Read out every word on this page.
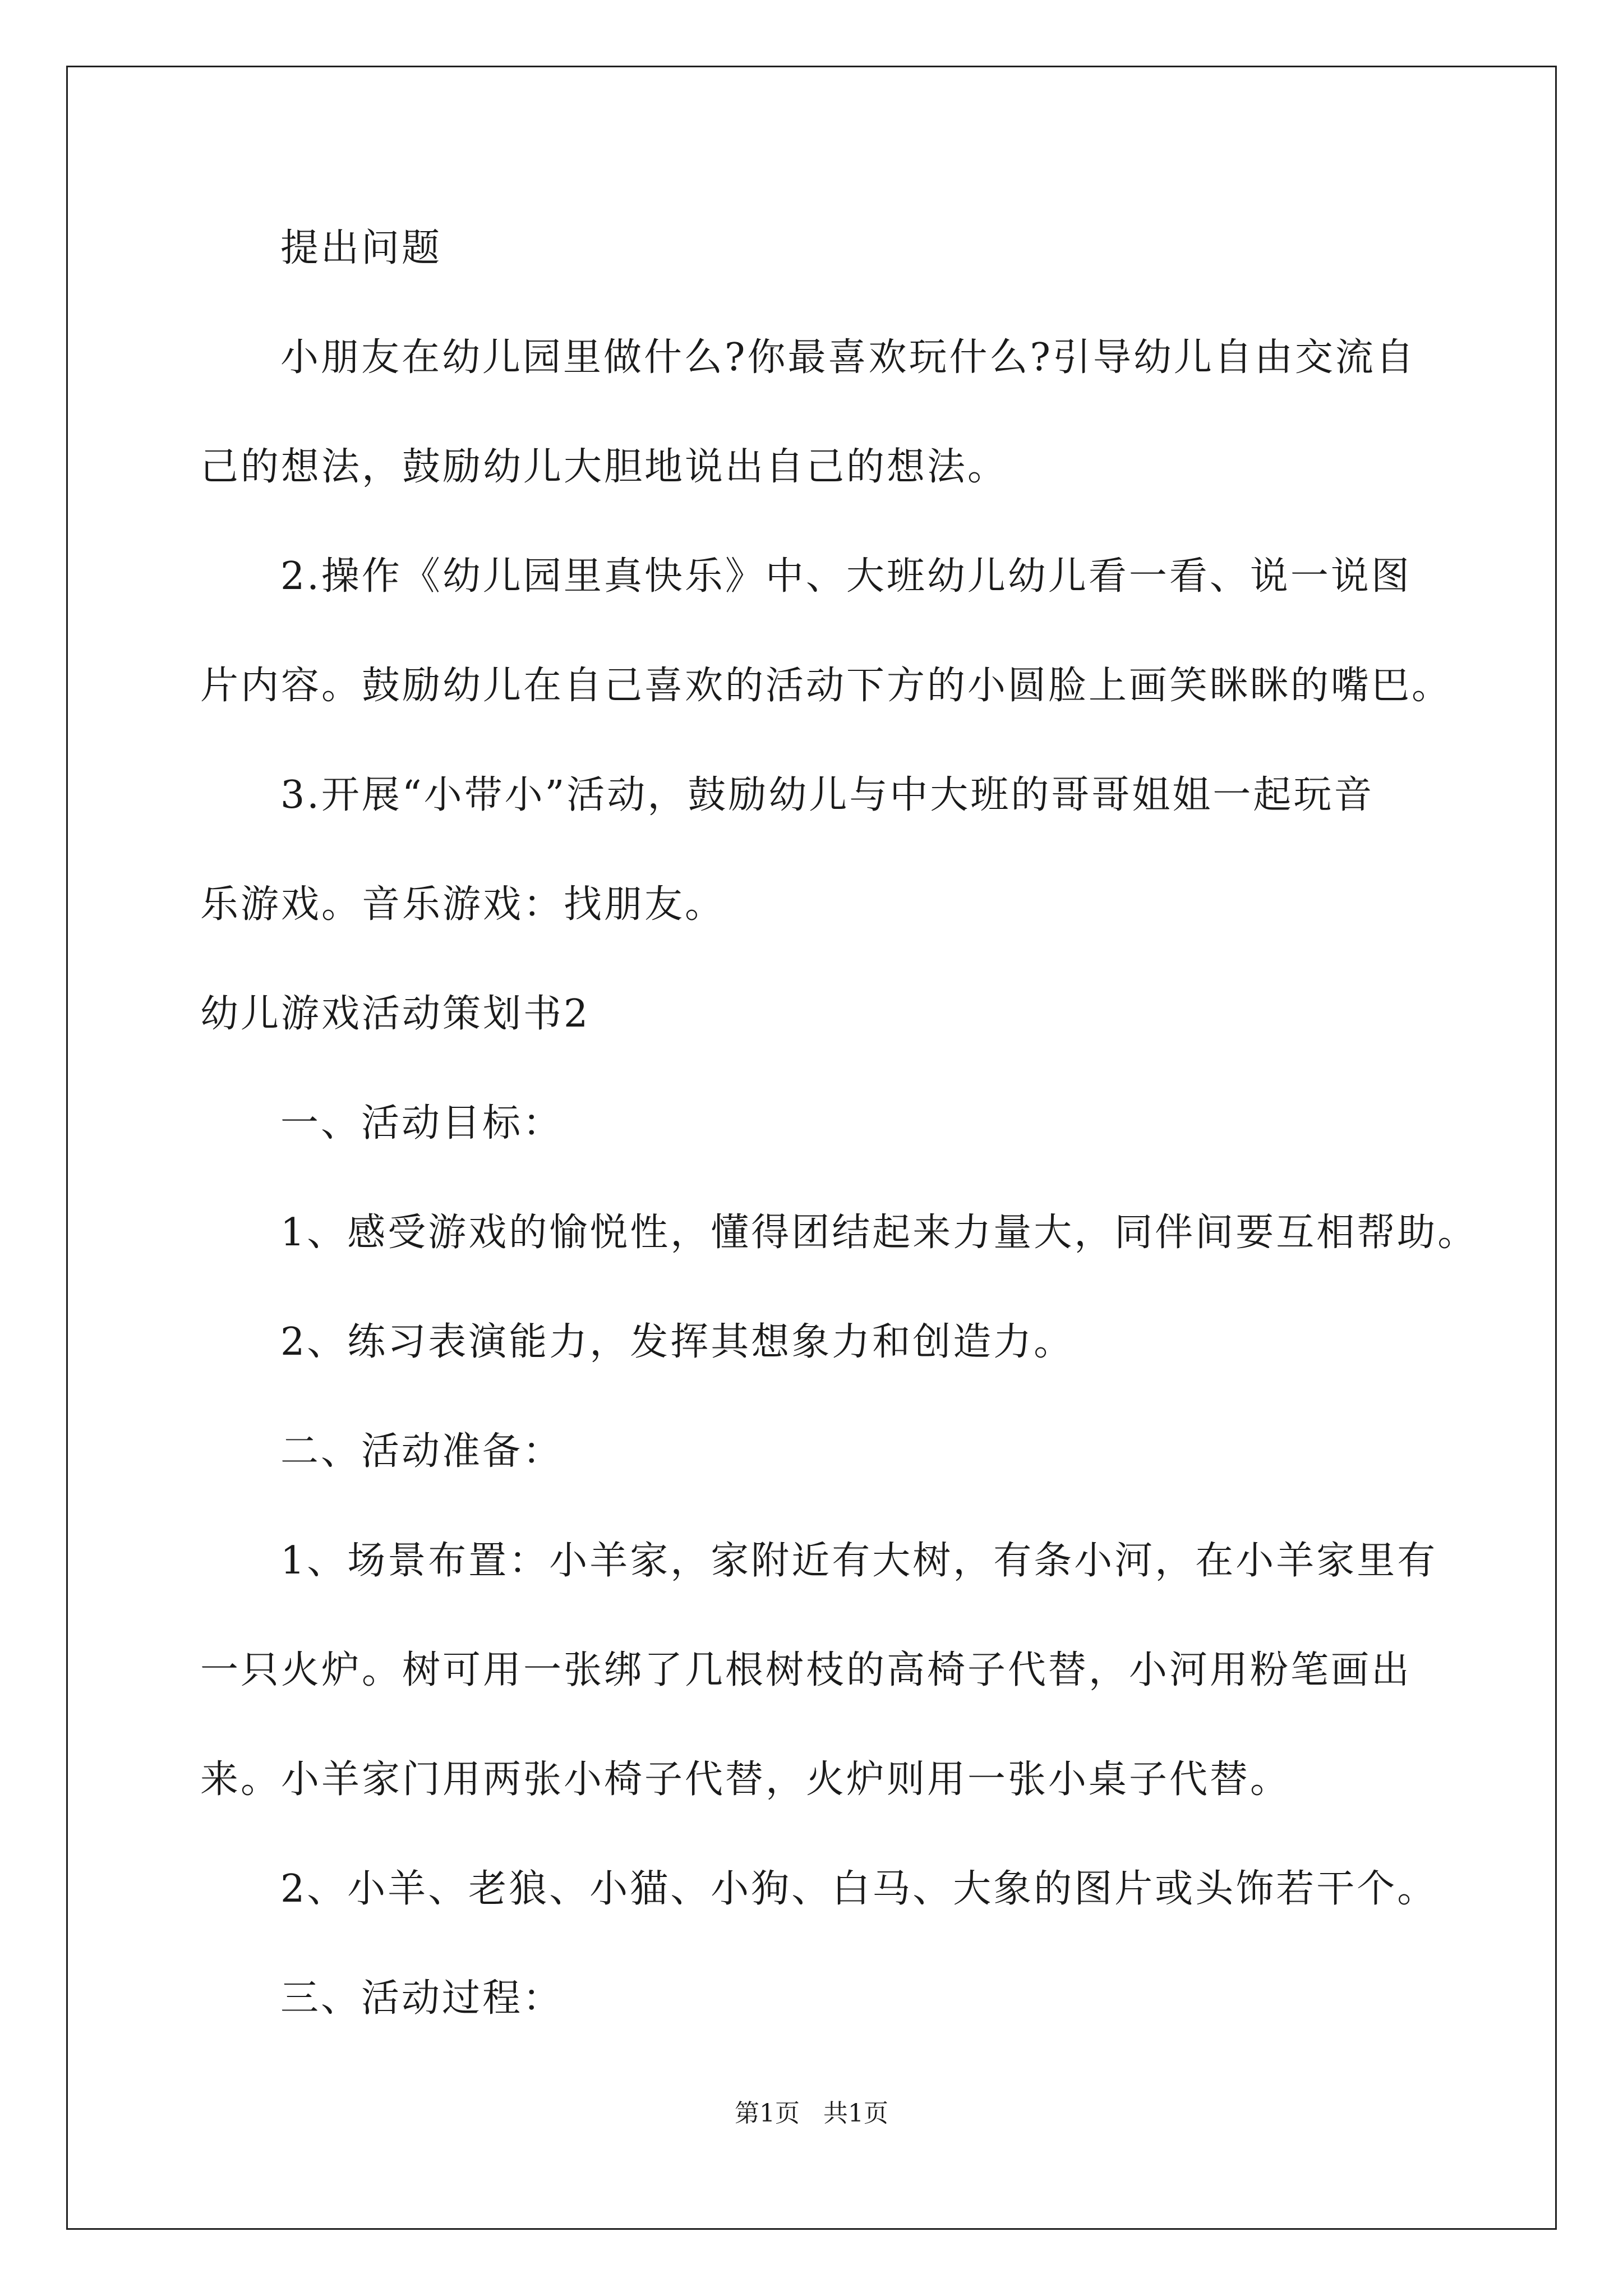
提出问题
小朋友在幼儿园里做什么?你最喜欢玩什么?引导幼儿自由交流自
己的想法，鼓励幼儿大胆地说出自己的想法。
2.操作《幼儿园里真快乐》中、大班幼儿幼儿看一看、说一说图
片内容。鼓励幼儿在自己喜欢的活动下方的小圆脸上画笑眯眯的嘴巴。
3.开展“小带小”活动，鼓励幼儿与中大班的哥哥姐姐一起玩音
乐游戏。音乐游戏：找朋友。
幼儿游戏活动策划书2
一、活动目标：
1、感受游戏的愉悦性，懂得团结起来力量大，同伴间要互相帮助。
2、练习表演能力，发挥其想象力和创造力。
二、活动准备：
1、场景布置：小羊家，家附近有大树，有条小河，在小羊家里有
一只火炉。树可用一张绑了几根树枝的高椅子代替，小河用粉笔画出
来。小羊家门用两张小椅子代替，火炉则用一张小桌子代替。
2、小羊、老狼、小猫、小狗、白马、大象的图片或头饰若干个。
三、活动过程：
第1页   共1页
